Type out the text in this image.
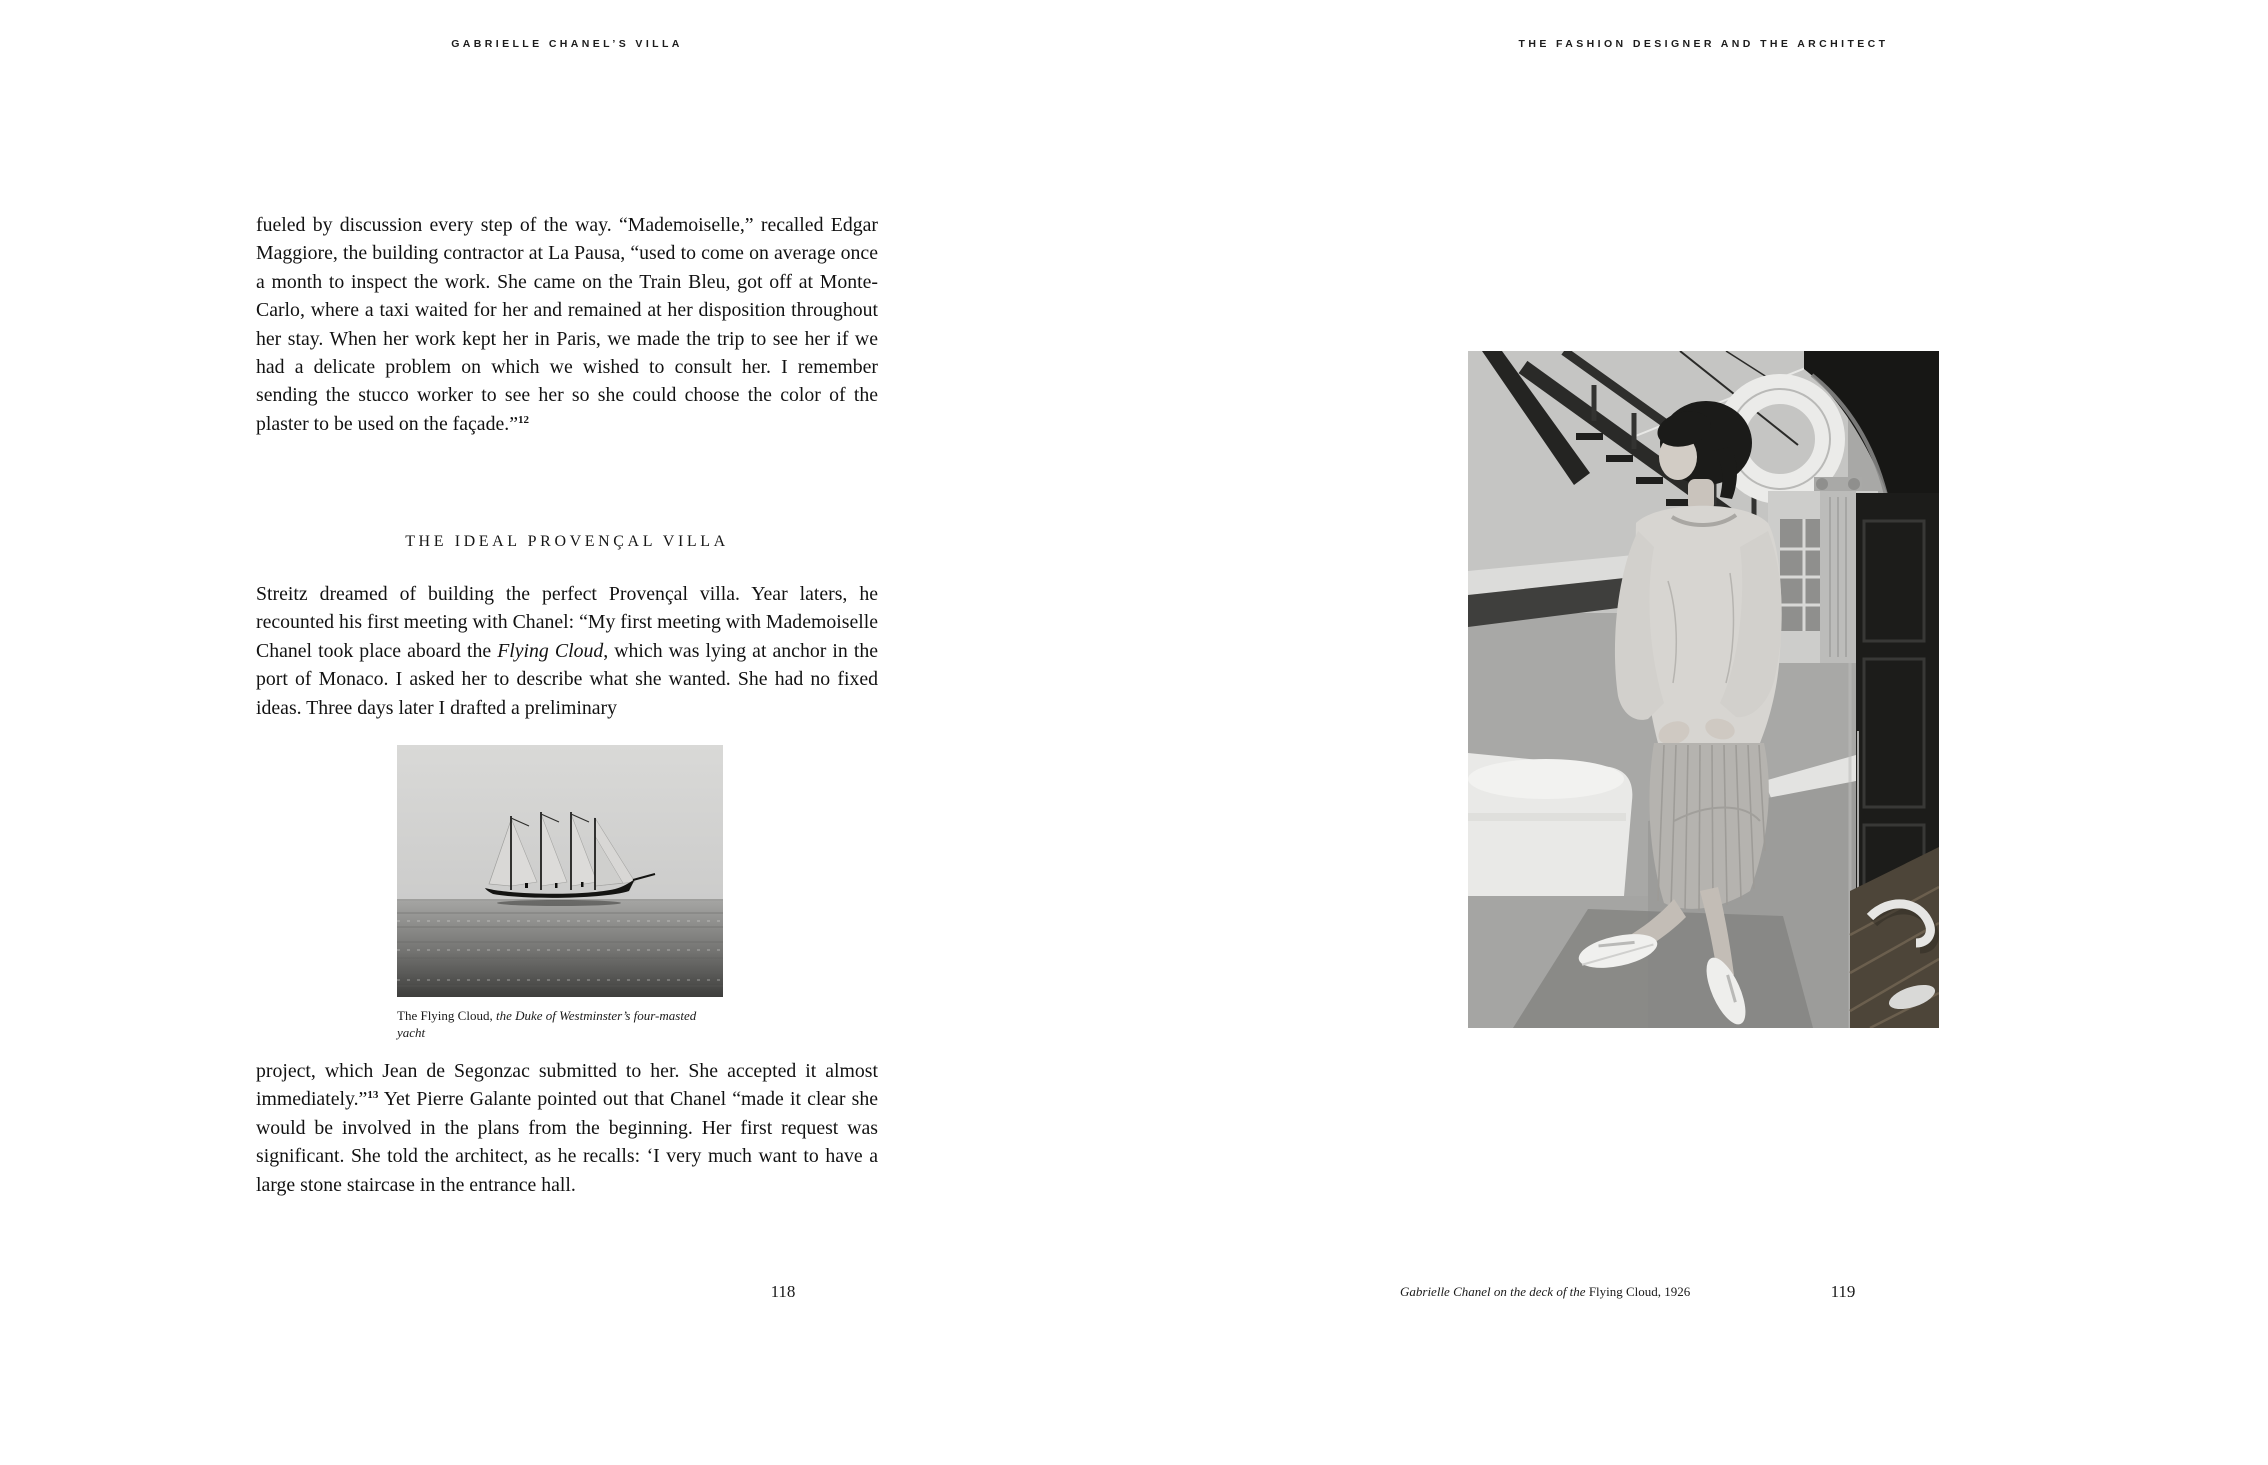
GABRIELLE CHANEL’S VILLA

fueled by discussion every step of the way. “Mademoiselle,” recalled Edgar Maggiore, the building contractor at La Pausa, “used to come on average once a month to inspect the work. She came on the Train Bleu, got off at Monte-Carlo, where a taxi waited for her and remained at her disposition throughout her stay. When her work kept her in Paris, we made the trip to see her if we had a delicate problem on which we wished to consult her. I remember sending the stucco worker to see her so she could choose the color of the plaster to be used on the façade.”$^{12}$

THE IDEAL PROVENÇAL VILLA

Streitz dreamed of building the perfect Provençal villa. Year laters, he recounted his first meeting with Chanel: “My first meeting with Mademoiselle Chanel took place aboard the Flying Cloud, which was lying at anchor in the port of Monaco. I asked her to describe what she wanted. She had no fixed ideas. Three days later I drafted a preliminary

The Flying Cloud, the Duke of Westminster’s four-masted yacht

project, which Jean de Segonzac submitted to her. She accepted it almost immediately.”$^{13}$ Yet Pierre Galante pointed out that Chanel “made it clear she would be involved in the plans from the beginning. Her first request was significant. She told the architect, as he recalls: ‘I very much want to have a large stone staircase in the entrance hall.

118
THE FASHION DESIGNER AND THE ARCHITECT
Gabrielle Chanel on the deck of the Flying Cloud, 1926	119
